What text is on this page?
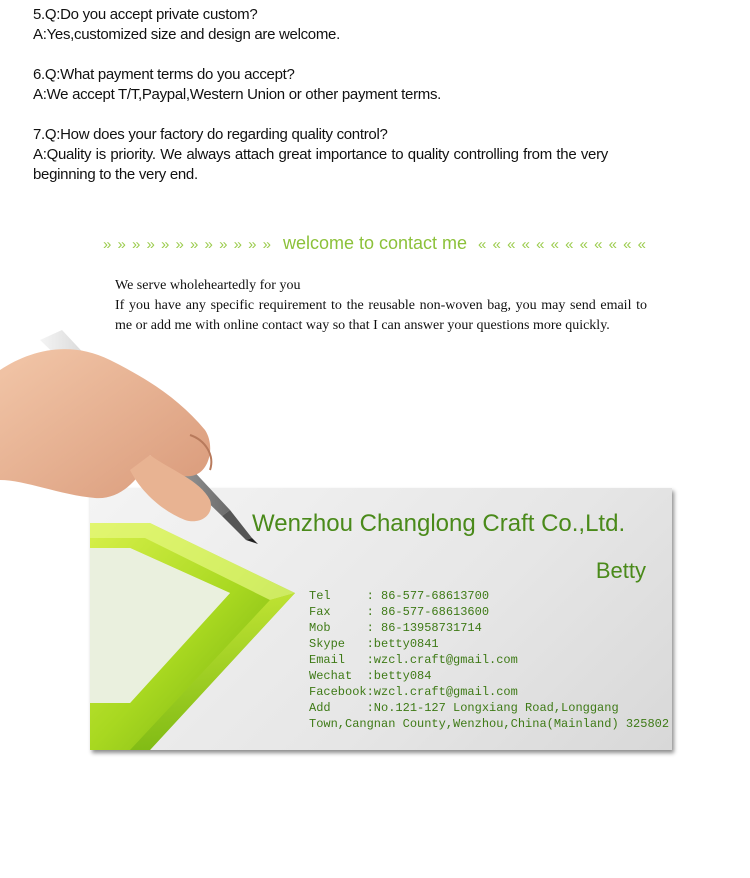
5.Q:Do you accept private custom?
A:Yes,customized size and design are welcome.
6.Q:What payment terms do you accept?
A:We accept T/T,Paypal,Western Union or other payment terms.
7.Q:How does your factory do regarding quality control?
A:Quality is priority. We always attach great importance to quality controlling from the very beginning to the very end.
» » » » » » » » » » » » welcome to contact me « « « « « « « « « « « «

We serve wholeheartedly for you

If you have any specific requirement to the reusable non-woven bag, you may send email to me or add me with online contact way so that I can answer your questions more quickly.

Wenzhou Changlong Craft Co.,Ltd.
Betty
Tel     : 86-577-68613700
Fax     : 86-577-68613600
Mob     : 86-13958731714
Skype   :betty0841
Email   :wzcl.craft@gmail.com
Wechat  :betty084
Facebook:wzcl.craft@gmail.com
Add     :No.121-127 Longxiang Road,Longgang
Town,Cangnan County,Wenzhou,China(Mainland) 325802
